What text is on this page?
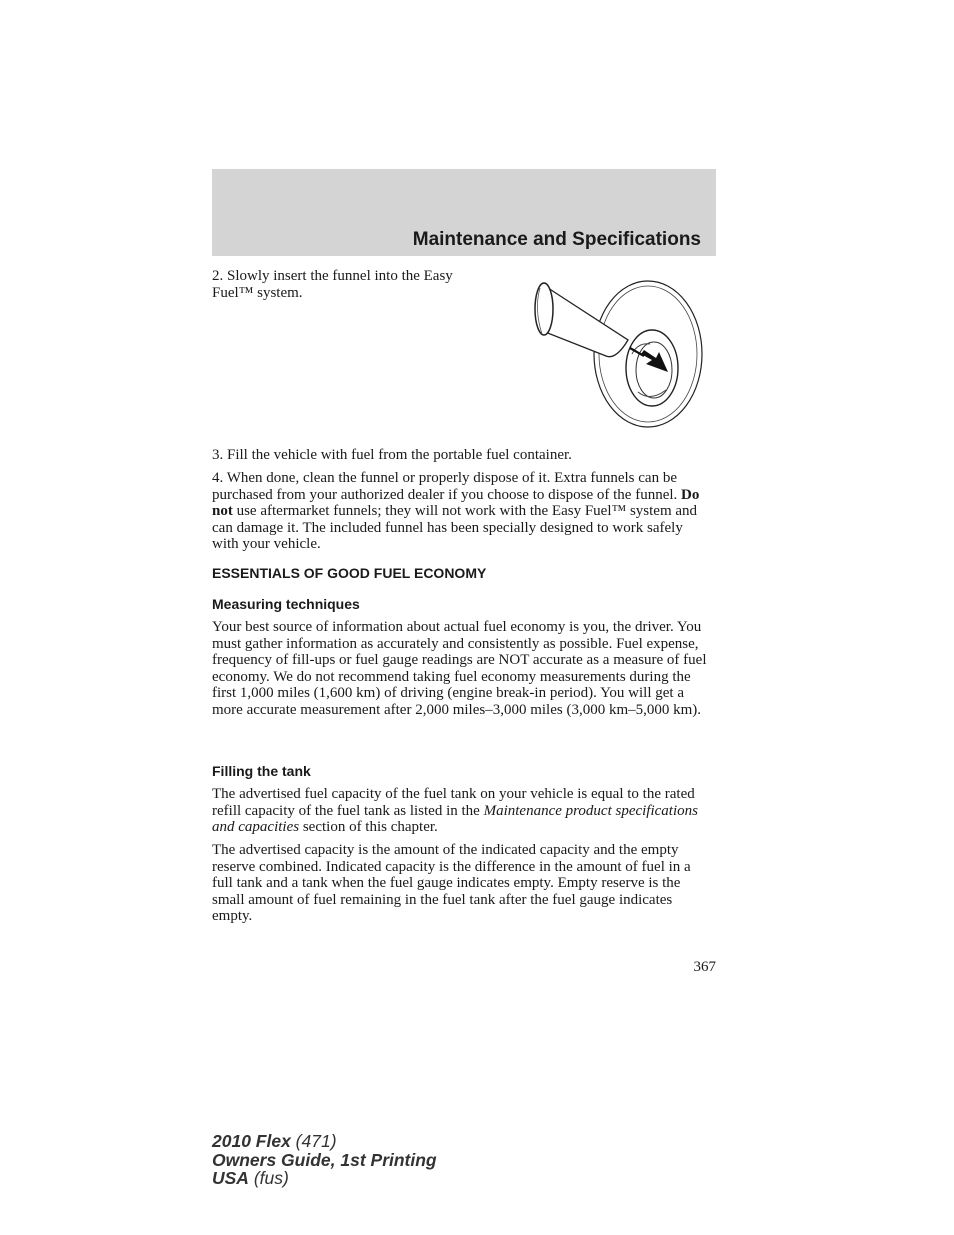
Maintenance and Specifications

2. Slowly insert the funnel into the Easy Fuel™ system.

3. Fill the vehicle with fuel from the portable fuel container.

4. When done, clean the funnel or properly dispose of it. Extra funnels can be purchased from your authorized dealer if you choose to dispose of the funnel. Do not use aftermarket funnels; they will not work with the Easy Fuel™ system and can damage it. The included funnel has been specially designed to work safely with your vehicle.

ESSENTIALS OF GOOD FUEL ECONOMY
Measuring techniques

Your best source of information about actual fuel economy is you, the driver. You must gather information as accurately and consistently as possible. Fuel expense, frequency of fill-ups or fuel gauge readings are NOT accurate as a measure of fuel economy. We do not recommend taking fuel economy measurements during the first 1,000 miles (1,600 km) of driving (engine break-in period). You will get a more accurate measurement after 2,000 miles–3,000 miles (3,000 km–5,000 km).

Filling the tank

The advertised fuel capacity of the fuel tank on your vehicle is equal to the rated refill capacity of the fuel tank as listed in the Maintenance product specifications and capacities section of this chapter.

The advertised capacity is the amount of the indicated capacity and the empty reserve combined. Indicated capacity is the difference in the amount of fuel in a full tank and a tank when the fuel gauge indicates empty. Empty reserve is the small amount of fuel remaining in the fuel tank after the fuel gauge indicates empty.

367
2010 Flex (471)
Owners Guide, 1st Printing
USA (fus)
